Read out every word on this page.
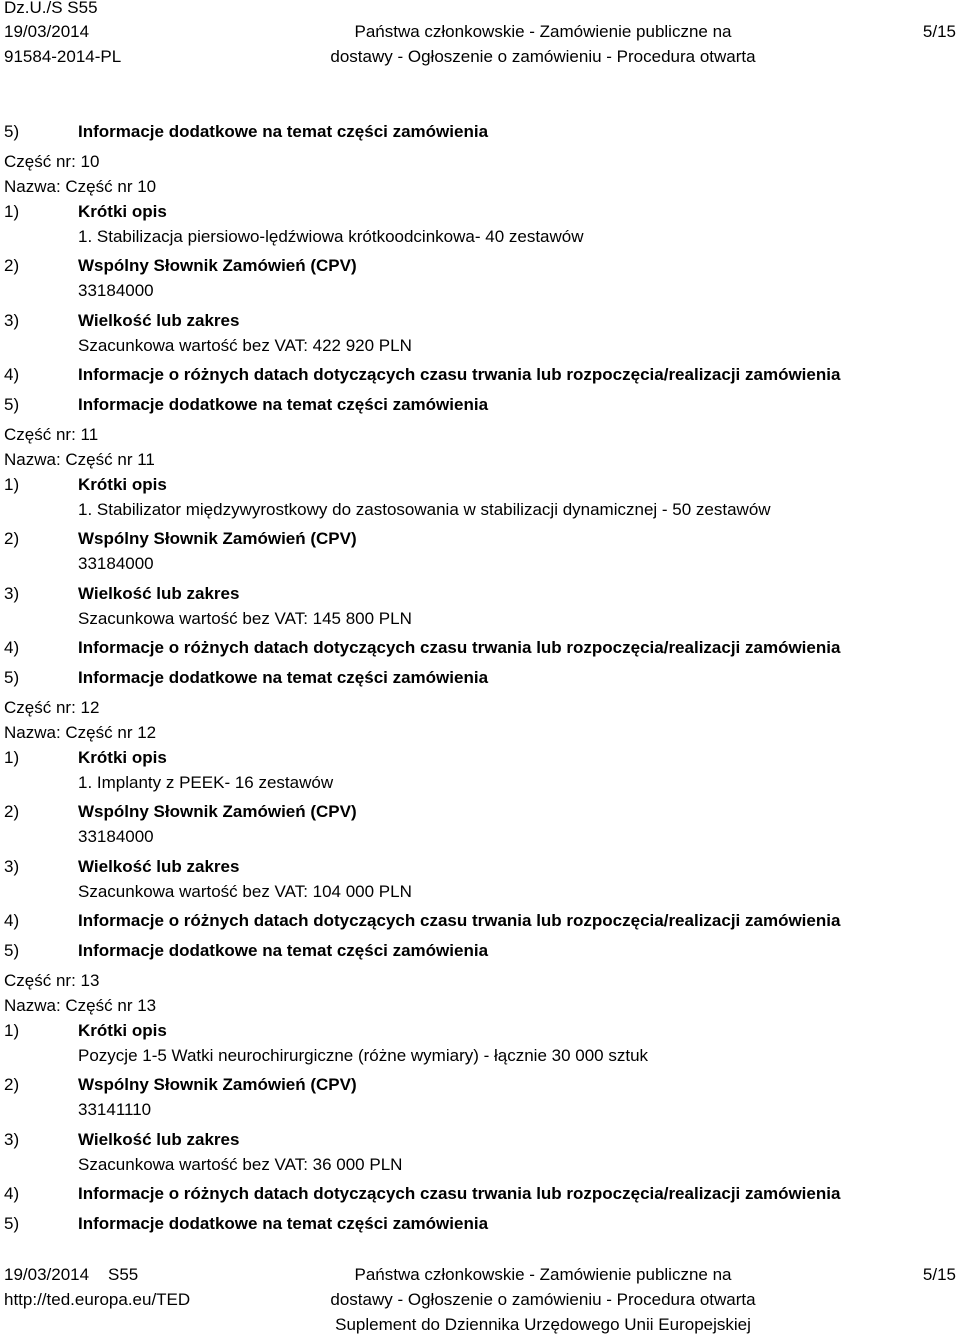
Dz.U./S S55
19/03/2014
91584-2014-PL
Państwa członkowskie - Zamówienie publiczne na
dostawy - Ogłoszenie o zamówieniu - Procedura otwarta
5/15
5)	Informacje dodatkowe na temat części zamówienia
Część nr: 10
Nazwa: Część nr 10
1)	Krótki opis
1. Stabilizacja piersiowo-lędźwiowa krótkoodcinkowa- 40 zestawów
2)	Wspólny Słownik Zamówień (CPV)
33184000
3)	Wielkość lub zakres
Szacunkowa wartość bez VAT: 422 920 PLN
4)	Informacje o różnych datach dotyczących czasu trwania lub rozpoczęcia/realizacji zamówienia
5)	Informacje dodatkowe na temat części zamówienia
Część nr: 11
Nazwa: Część nr 11
1)	Krótki opis
1. Stabilizator międzywyrostkowy do zastosowania w stabilizacji dynamicznej - 50 zestawów
2)	Wspólny Słownik Zamówień (CPV)
33184000
3)	Wielkość lub zakres
Szacunkowa wartość bez VAT: 145 800 PLN
4)	Informacje o różnych datach dotyczących czasu trwania lub rozpoczęcia/realizacji zamówienia
5)	Informacje dodatkowe na temat części zamówienia
Część nr: 12
Nazwa: Część nr 12
1)	Krótki opis
1. Implanty z PEEK- 16 zestawów
2)	Wspólny Słownik Zamówień (CPV)
33184000
3)	Wielkość lub zakres
Szacunkowa wartość bez VAT: 104 000 PLN
4)	Informacje o różnych datach dotyczących czasu trwania lub rozpoczęcia/realizacji zamówienia
5)	Informacje dodatkowe na temat części zamówienia
Część nr: 13
Nazwa: Część nr 13
1)	Krótki opis
Pozycje 1-5 Watki neurochirurgiczne (różne wymiary) - łącznie 30 000 sztuk
2)	Wspólny Słownik Zamówień (CPV)
33141110
3)	Wielkość lub zakres
Szacunkowa wartość bez VAT: 36 000 PLN
4)	Informacje o różnych datach dotyczących czasu trwania lub rozpoczęcia/realizacji zamówienia
5)	Informacje dodatkowe na temat części zamówienia
19/03/2014 S55
http://ted.europa.eu/TED
Państwa członkowskie - Zamówienie publiczne na
dostawy - Ogłoszenie o zamówieniu - Procedura otwarta
Suplement do Dziennika Urzędowego Unii Europejskiej
5/15
